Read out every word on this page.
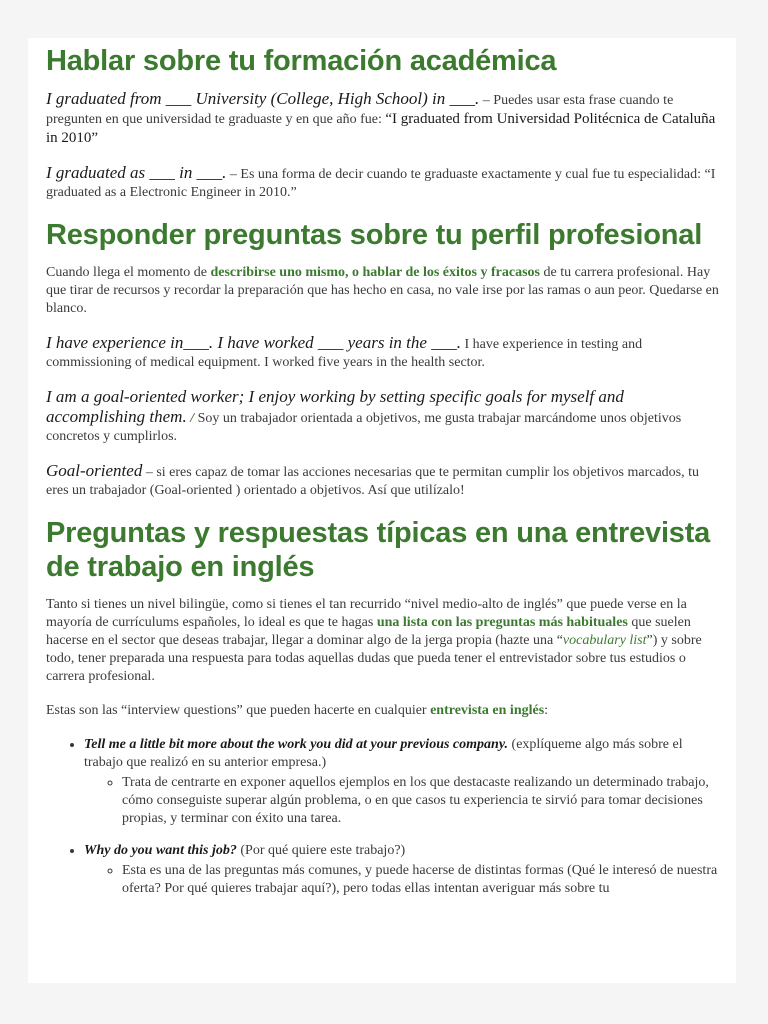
Hablar sobre tu formación académica

I graduated from ___ University (College, High School) in ___. – Puedes usar esta frase cuando te pregunten en que universidad te graduaste y en que año fue: “I graduated from Universidad Politécnica de Cataluña in 2010”

I graduated as ___ in ___. – Es una forma de decir cuando te graduaste exactamente y cual fue tu especialidad: “I graduated as a Electronic Engineer in 2010.”

Responder preguntas sobre tu perfil profesional

Cuando llega el momento de describirse uno mismo, o hablar de los éxitos y fracasos de tu carrera profesional. Hay que tirar de recursos y recordar la preparación que has hecho en casa, no vale irse por las ramas o aun peor. Quedarse en blanco.

I have experience in___. I have worked ___ years in the ___. I have experience in testing and commissioning of medical equipment. I worked five years in the health sector.

I am a goal-oriented worker; I enjoy working by setting specific goals for myself and accomplishing them. / Soy un trabajador orientada a objetivos, me gusta trabajar marcándome unos objetivos concretos y cumplirlos.

Goal-oriented – si eres capaz de tomar las acciones necesarias que te permitan cumplir los objetivos marcados, tu eres un trabajador (Goal-oriented ) orientado a objetivos. Así que utilízalo!

Preguntas y respuestas típicas en una entrevista de trabajo en inglés

Tanto si tienes un nivel bilingüe, como si tienes el tan recurrido “nivel medio-alto de inglés” que puede verse en la mayoría de currículums españoles, lo ideal es que te hagas una lista con las preguntas más habituales que suelen hacerse en el sector que deseas trabajar, llegar a dominar algo de la jerga propia (hazte una “vocabulary list”) y sobre todo, tener preparada una respuesta para todas aquellas dudas que pueda tener el entrevistador sobre tus estudios o carrera profesional.

Estas son las “interview questions” que pueden hacerte en cualquier entrevista en inglés:

• Tell me a little bit more about the work you did at your previous company. (explíqueme algo más sobre el trabajo que realizó en su anterior empresa.)
◦ Trata de centrarte en exponer aquellos ejemplos en los que destacaste realizando un determinado trabajo, cómo conseguiste superar algún problema, o en que casos tu experiencia te sirvió para tomar decisiones propias, y terminar con éxito una tarea.
• Why do you want this job? (Por qué quiere este trabajo?)
◦ Esta es una de las preguntas más comunes, y puede hacerse de distintas formas (Qué le interesó de nuestra oferta? Por qué quieres trabajar aquí?), pero todas ellas intentan averiguar más sobre tu
